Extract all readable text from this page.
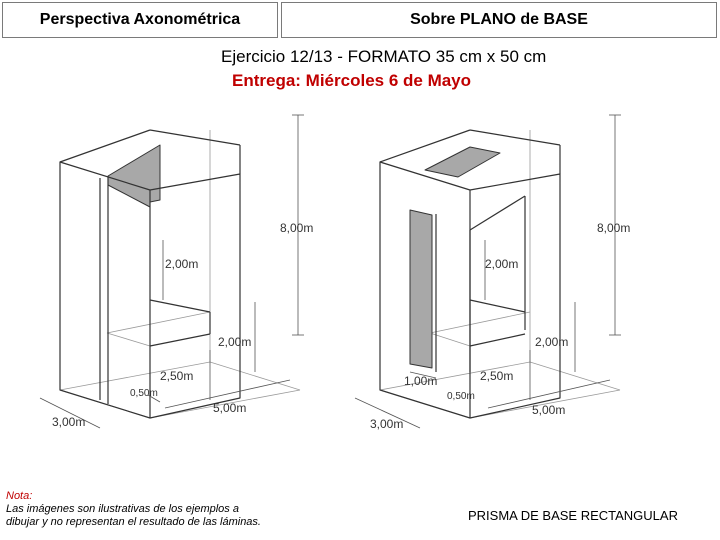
Perspectiva Axonométrica	Sobre PLANO de BASE
Ejercicio 12/13 - FORMATO 35 cm x 50 cm
Entrega: Miércoles 6 de Mayo
8,00m
2,00m
2,00m
2,50m
0,50m
3,00m
5,00m
8,00m
2,00m
2,00m
2,50m
1,00m
0,50m
3,00m
5,00m
Nota:
Las imágenes son ilustrativas de los ejemplos a
dibujar y no representan el resultado de las láminas.	PRISMA DE BASE RECTANGULAR
